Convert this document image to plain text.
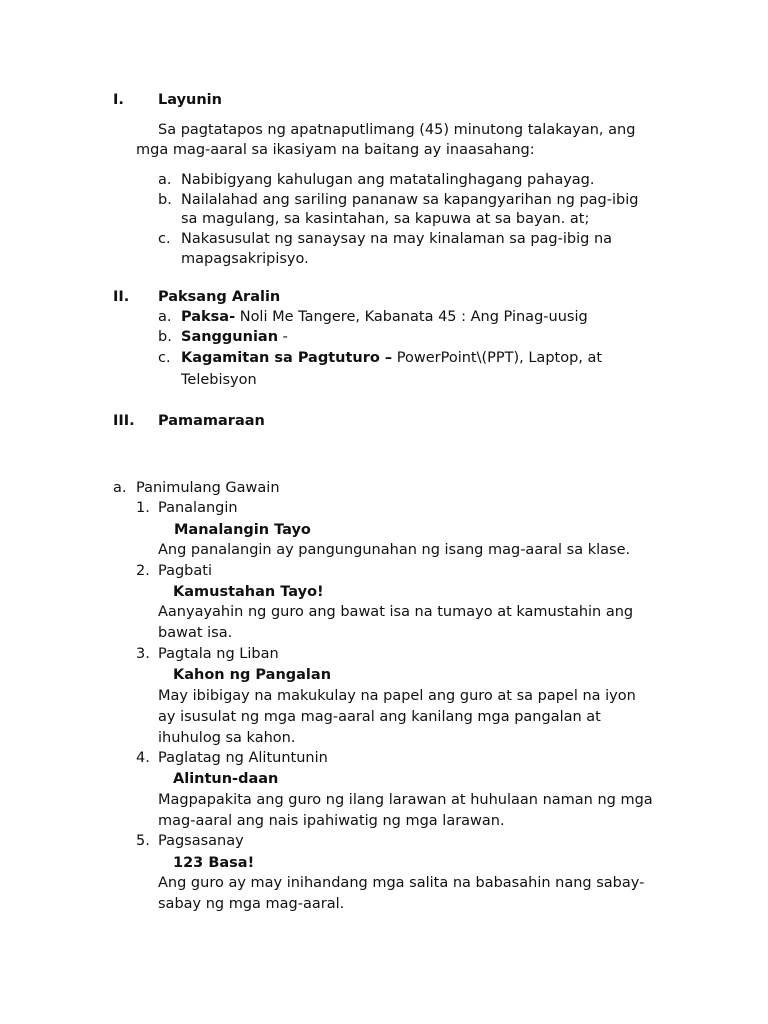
I. Layunin
Sa pagtatapos ng apatnaputlimang (45) minutong talakayan, ang
mga mag-aaral sa ikasiyam na baitang ay inaasahang:
a. Nabibigyang kahulugan ang matatalinghagang pahayag.
b. Nailalahad ang sariling pananaw sa kapangyarihan ng pag-ibig
sa magulang, sa kasintahan, sa kapuwa at sa bayan. at;
c. Nakasusulat ng sanaysay na may kinalaman sa pag-ibig na
mapagsakripisyo.
II. Paksang Aralin
a. Paksa- Noli Me Tangere, Kabanata 45 : Ang Pinag-uusig
b. Sanggunian -
c. Kagamitan sa Pagtuturo – PowerPoint\(PPT), Laptop, at
Telebisyon
III. Pamamaraan
a. Panimulang Gawain
1. Panalangin
Manalangin Tayo
Ang panalangin ay pangungunahan ng isang mag-aaral sa klase.
2. Pagbati
Kamustahan Tayo!
Aanyayahin ng guro ang bawat isa na tumayo at kamustahin ang
bawat isa.
3. Pagtala ng Liban
Kahon ng Pangalan
May ibibigay na makukulay na papel ang guro at sa papel na iyon
ay isusulat ng mga mag-aaral ang kanilang mga pangalan at
ihuhulog sa kahon.
4. Paglatag ng Alituntunin
Alintun-daan
Magpapakita ang guro ng ilang larawan at huhulaan naman ng mga
mag-aaral ang nais ipahiwatig ng mga larawan.
5. Pagsasanay
123 Basa!
Ang guro ay may inihandang mga salita na babasahin nang sabay-
sabay ng mga mag-aaral.
